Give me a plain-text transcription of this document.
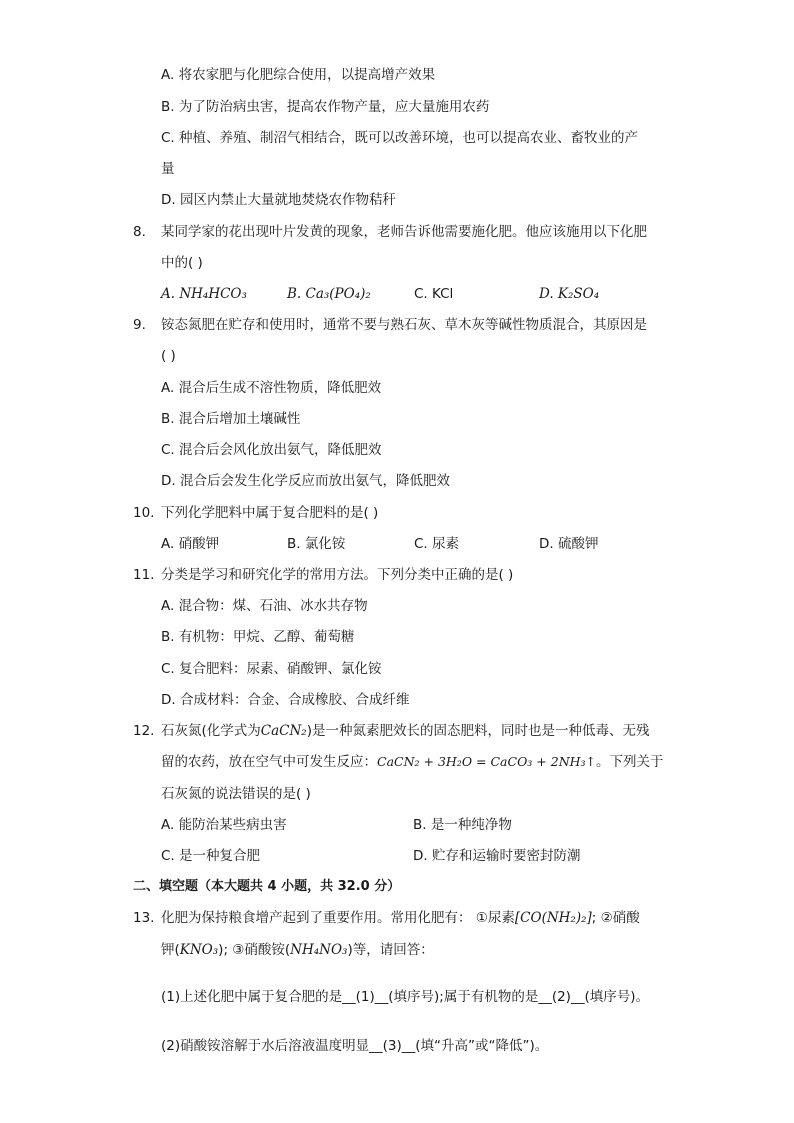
A. 将农家肥与化肥综合使用，以提高增产效果
B. 为了防治病虫害，提高农作物产量，应大量施用农药
C. 种植、养殖、制沼气相结合，既可以改善环境，也可以提高农业、畜牧业的产
量
D. 园区内禁止大量就地焚烧农作物秸秆
8. 某同学家的花出现叶片发黄的现象，老师告诉他需要施化肥。他应该施用以下化肥
中的( )
A. NH₄HCO₃	B. Ca₃(PO₄)₂	C. KCl	D. K₂SO₄
9. 铵态氮肥在贮存和使用时，通常不要与熟石灰、草木灰等碱性物质混合，其原因是
( )
A. 混合后生成不溶性物质，降低肥效
B. 混合后增加土壤碱性
C. 混合后会风化放出氨气，降低肥效
D. 混合后会发生化学反应而放出氨气，降低肥效
10. 下列化学肥料中属于复合肥料的是( )
A. 硝酸钾	B. 氯化铵	C. 尿素	D. 硫酸钾
11. 分类是学习和研究化学的常用方法。下列分类中正确的是( )
A. 混合物：煤、石油、冰水共存物
B. 有机物：甲烷、乙醇、葡萄糖
C. 复合肥料：尿素、硝酸钾、氯化铵
D. 合成材料：合金、合成橡胶、合成纤维
12. 石灰氮(化学式为CaCN₂)是一种氮素肥效长的固态肥料，同时也是一种低毒、无残
留的农药，放在空气中可发生反应：CaCN₂ + 3H₂O = CaCO₃ + 2NH₃↑。下列关于
石灰氮的说法错误的是( )
A. 能防治某些病虫害	B. 是一种纯净物
C. 是一种复合肥	D. 贮存和运输时要密封防潮
二、填空题（本大题共 4 小题，共 32.0 分）
13. 化肥为保持粮食增产起到了重要作用。常用化肥有： ①尿素[CO(NH₂)₂]; ②硝酸
钾(KNO₃); ③硝酸铵(NH₄NO₃)等，请回答：
(1)上述化肥中属于复合肥的是__(1)__(填序号);属于有机物的是__(2)__(填序号)。
(2)硝酸铵溶解于水后溶液温度明显__(3)__(填“升高”或“降低”)。
